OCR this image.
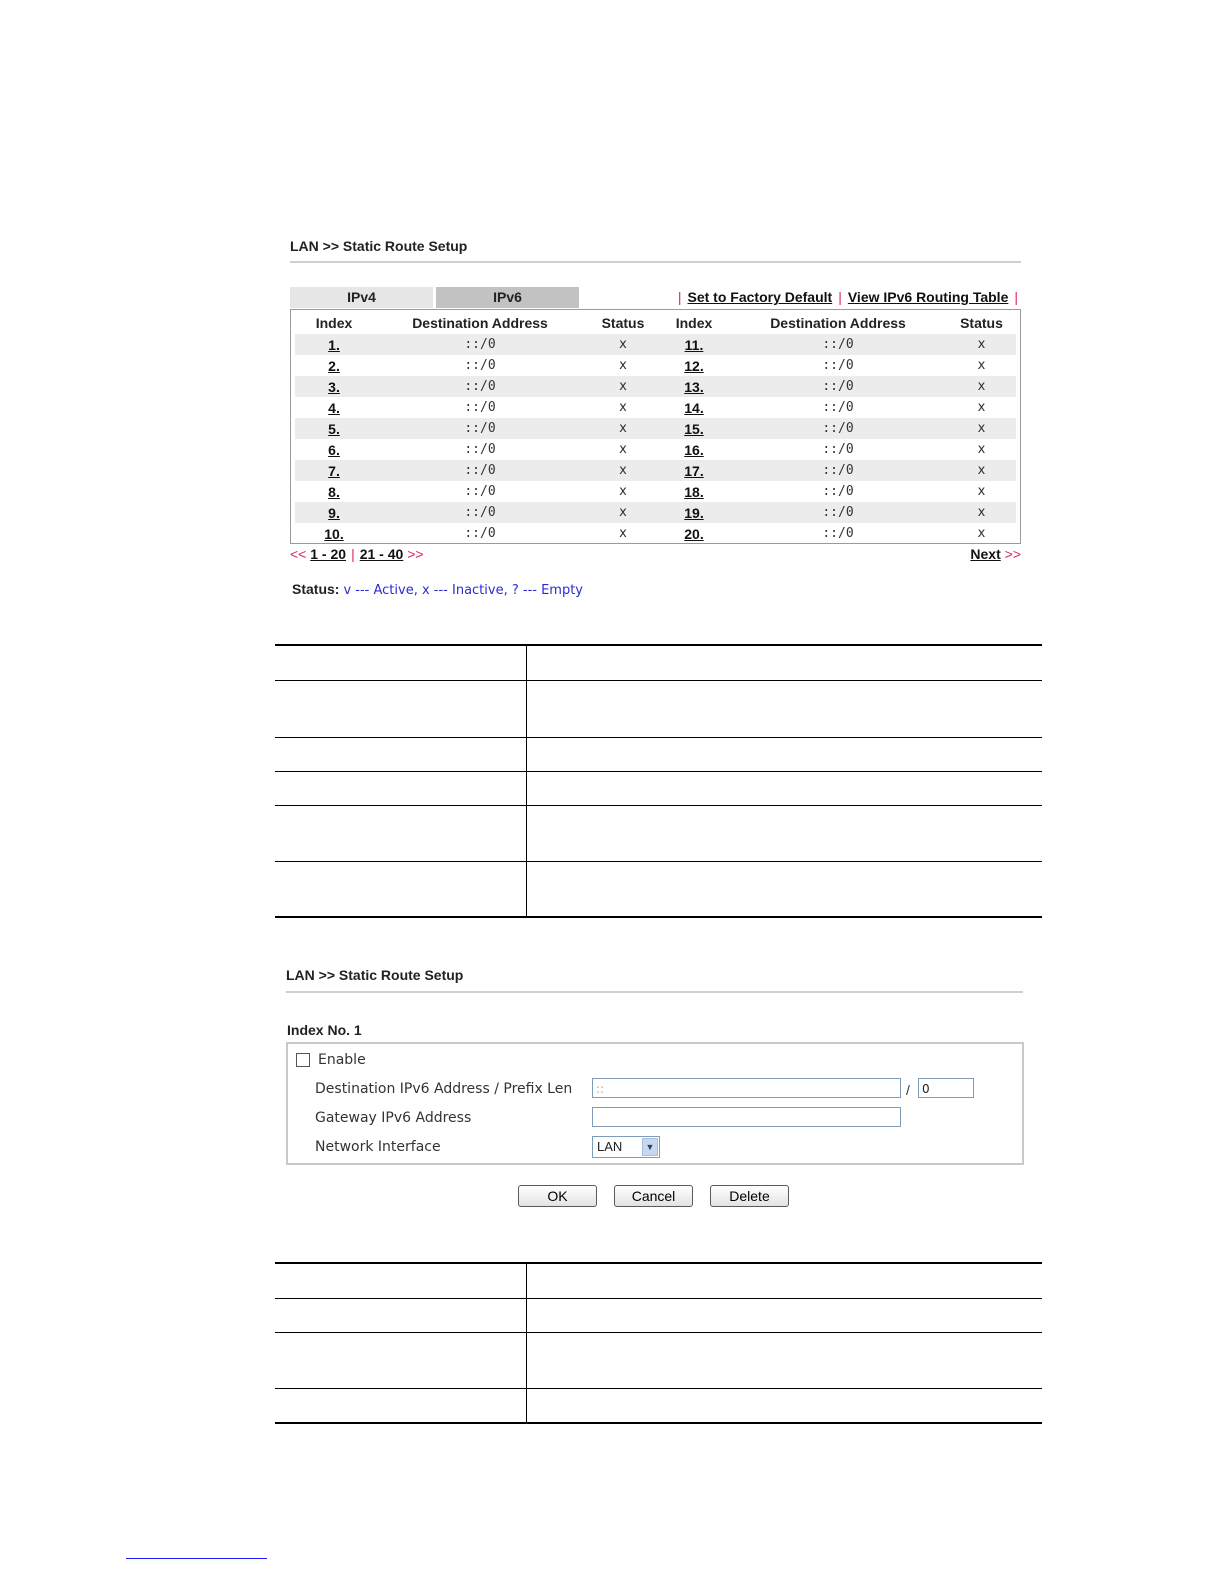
LAN >> Static Route Setup
IPv4	IPv6	| Set to Factory Default | View IPv6 Routing Table |
Index	Destination Address	Status	Index	Destination Address	Status
1.	::/0	x	11.	::/0	x
2.	::/0	x	12.	::/0	x
3.	::/0	x	13.	::/0	x
4.	::/0	x	14.	::/0	x
5.	::/0	x	15.	::/0	x
6.	::/0	x	16.	::/0	x
7.	::/0	x	17.	::/0	x
8.	::/0	x	18.	::/0	x
9.	::/0	x	19.	::/0	x
10.	::/0	x	20.	::/0	x
<< 1 - 20 | 21 - 40 >>	Next >>
Status: v --- Active, x --- Inactive, ? --- Empty

LAN >> Static Route Setup
Index No. 1
Enable
Destination IPv6 Address / Prefix Len	::	/	0
Gateway IPv6 Address
Network Interface	LAN	▼
OK	Cancel	Delete
